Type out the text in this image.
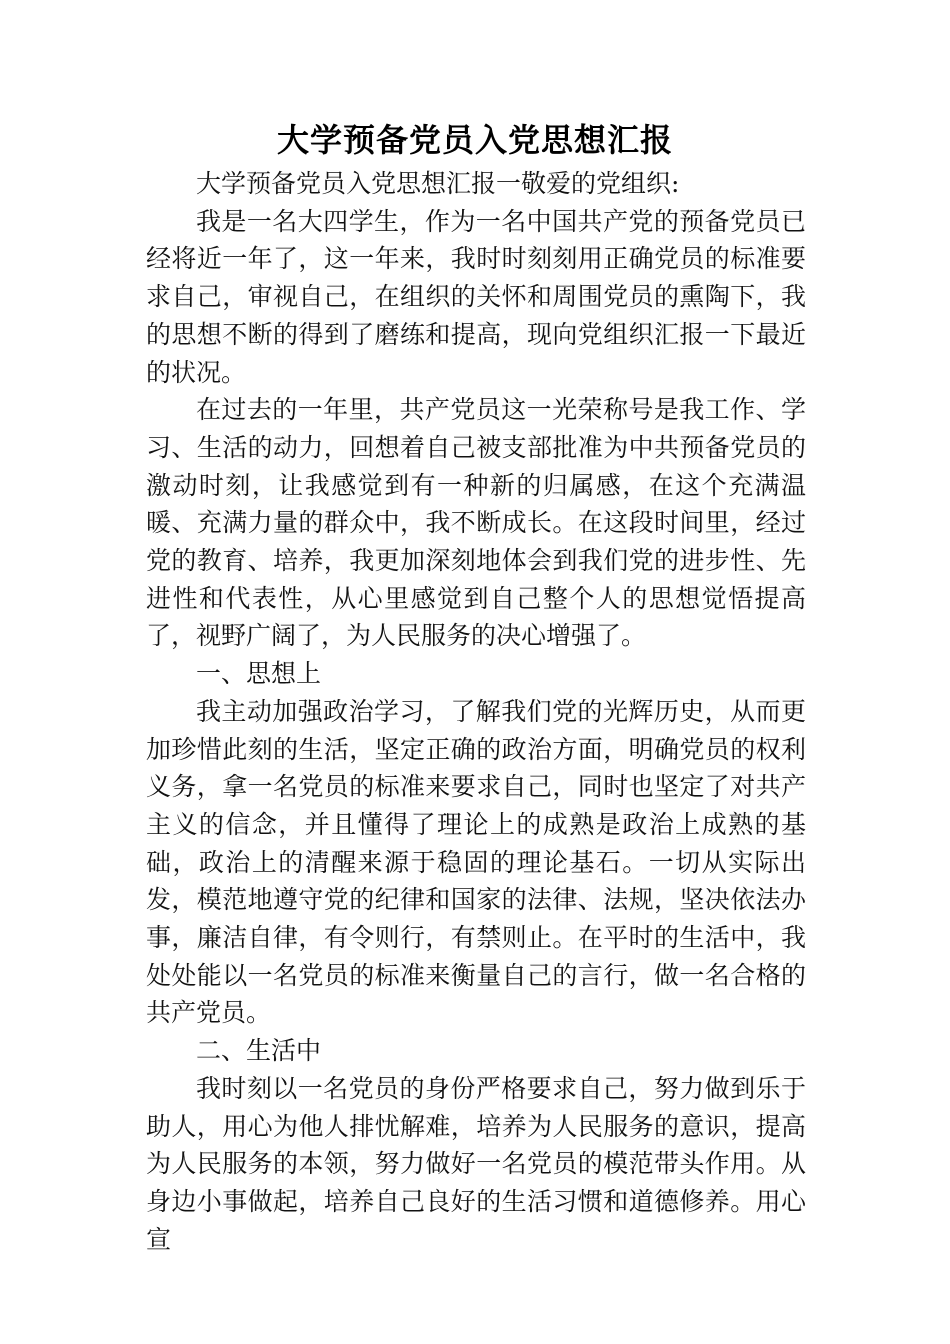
大学预备党员入党思想汇报

大学预备党员入党思想汇报一敬爱的党组织:

我是一名大四学生，作为一名中国共产党的预备党员已经将近一年了，这一年来，我时时刻刻用正确党员的标准要求自己，审视自己，在组织的关怀和周围党员的熏陶下，我的思想不断的得到了磨练和提高，现向党组织汇报一下最近的状况。

在过去的一年里，共产党员这一光荣称号是我工作、学习、生活的动力，回想着自己被支部批准为中共预备党员的激动时刻，让我感觉到有一种新的归属感，在这个充满温暖、充满力量的群众中，我不断成长。在这段时间里，经过党的教育、培养，我更加深刻地体会到我们党的进步性、先进性和代表性，从心里感觉到自己整个人的思想觉悟提高了，视野广阔了，为人民服务的决心增强了。

一、思想上

我主动加强政治学习，了解我们党的光辉历史，从而更加珍惜此刻的生活，坚定正确的政治方面，明确党员的权利义务，拿一名党员的标准来要求自己，同时也坚定了对共产主义的信念，并且懂得了理论上的成熟是政治上成熟的基础，政治上的清醒来源于稳固的理论基石。一切从实际出发，模范地遵守党的纪律和国家的法律、法规，坚决依法办事，廉洁自律，有令则行，有禁则止。在平时的生活中，我处处能以一名党员的标准来衡量自己的言行，做一名合格的共产党员。

二、生活中

我时刻以一名党员的身份严格要求自己，努力做到乐于助人，用心为他人排忧解难，培养为人民服务的意识，提高为人民服务的本领，努力做好一名党员的模范带头作用。从身边小事做起，培养自己良好的生活习惯和道德修养。用心宣
